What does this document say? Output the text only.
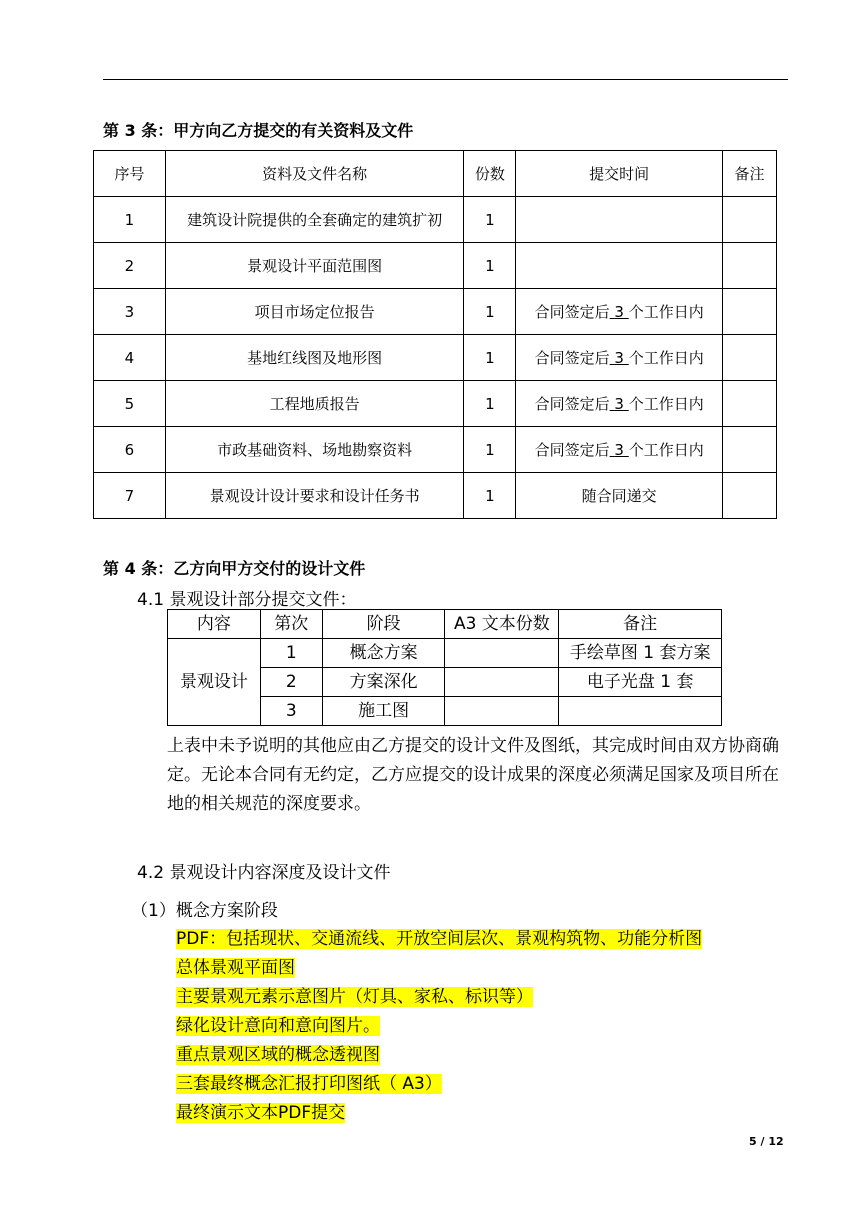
第 3 条：甲方向乙方提交的有关资料及文件
序号	资料及文件名称	份数	提交时间	备注
1	建筑设计院提供的全套确定的建筑扩初	1		
2	景观设计平面范围图	1		
3	项目市场定位报告	1	合同签定后 3 个工作日内	
4	基地红线图及地形图	1	合同签定后 3 个工作日内	
5	工程地质报告	1	合同签定后 3 个工作日内	
6	市政基础资料、场地勘察资料	1	合同签定后 3 个工作日内	
7	景观设计设计要求和设计任务书	1	随合同递交	
第 4 条：乙方向甲方交付的设计文件
4.1 景观设计部分提交文件：
内容	第次	阶段	A3 文本份数	备注
景观设计	1	概念方案		手绘草图 1 套方案
	2	方案深化		电子光盘 1 套
	3	施工图		
上表中未予说明的其他应由乙方提交的设计文件及图纸，其完成时间由双方协商确定。无论本合同有无约定，乙方应提交的设计成果的深度必须满足国家及项目所在地的相关规范的深度要求。
4.2 景观设计内容深度及设计文件
（1）概念方案阶段
PDF：包括现状、交通流线、开放空间层次、景观构筑物、功能分析图
总体景观平面图
主要景观元素示意图片（灯具、家私、标识等）
绿化设计意向和意向图片。
重点景观区域的概念透视图
三套最终概念汇报打印图纸（ A3）
最终演示文本PDF提交
5 / 12
